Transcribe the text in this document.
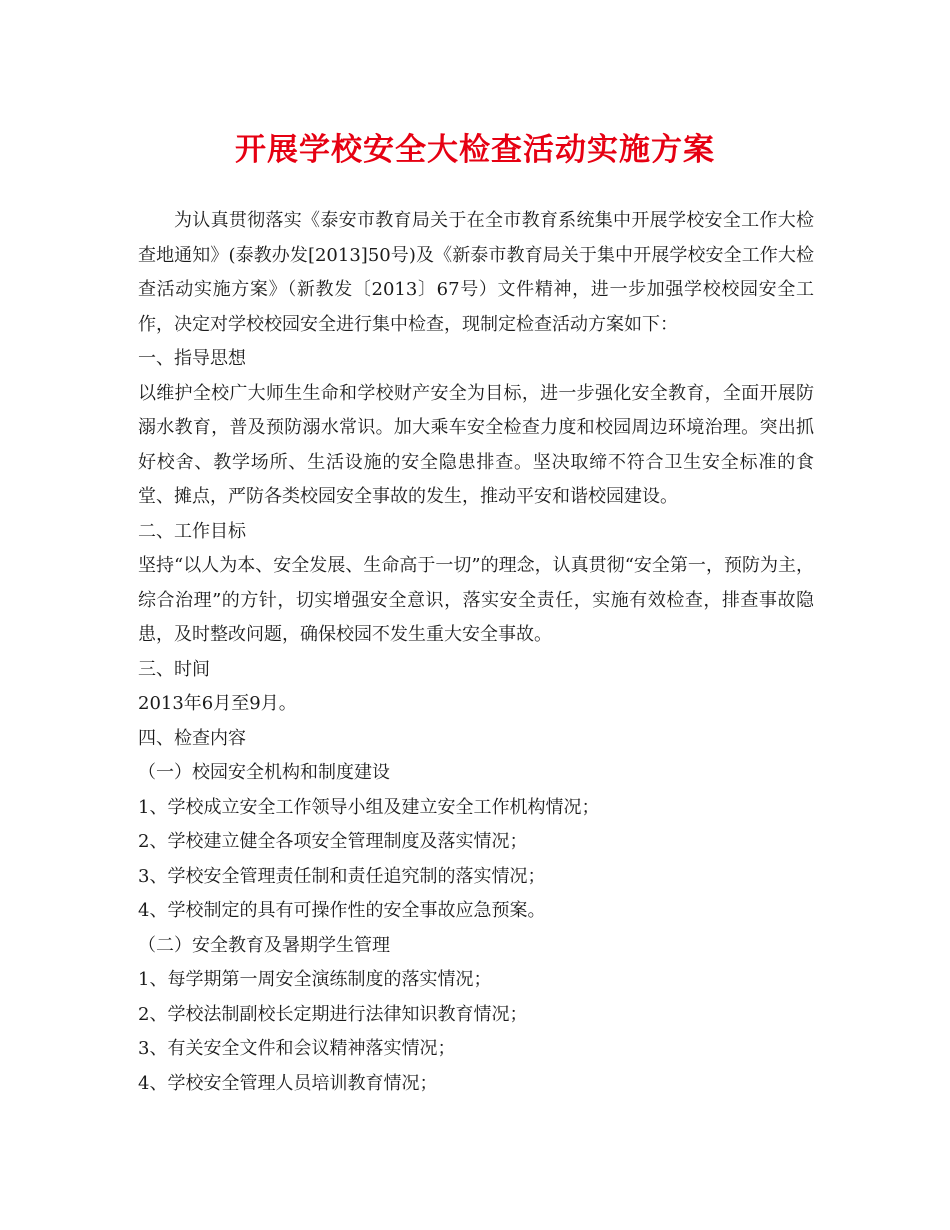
开展学校安全大检查活动实施方案

为认真贯彻落实《泰安市教育局关于在全市教育系统集中开展学校安全工作大检查地通知》(泰教办发[2013]50号)及《新泰市教育局关于集中开展学校安全工作大检查活动实施方案》（新教发〔2013〕67号）文件精神，进一步加强学校校园安全工作，决定对学校校园安全进行集中检查，现制定检查活动方案如下：

一、指导思想

以维护全校广大师生生命和学校财产安全为目标，进一步强化安全教育，全面开展防溺水教育，普及预防溺水常识。加大乘车安全检查力度和校园周边环境治理。突出抓好校舍、教学场所、生活设施的安全隐患排查。坚决取缔不符合卫生安全标准的食堂、摊点，严防各类校园安全事故的发生，推动平安和谐校园建设。

二、工作目标

坚持“以人为本、安全发展、生命高于一切”的理念，认真贯彻“安全第一，预防为主，综合治理”的方针，切实增强安全意识，落实安全责任，实施有效检查，排查事故隐患，及时整改问题，确保校园不发生重大安全事故。

三、时间

2013年6月至9月。

四、检查内容

（一）校园安全机构和制度建设

1、学校成立安全工作领导小组及建立安全工作机构情况；

2、学校建立健全各项安全管理制度及落实情况；

3、学校安全管理责任制和责任追究制的落实情况；

4、学校制定的具有可操作性的安全事故应急预案。

（二）安全教育及暑期学生管理

1、每学期第一周安全演练制度的落实情况；

2、学校法制副校长定期进行法律知识教育情况；

3、有关安全文件和会议精神落实情况；

4、学校安全管理人员培训教育情况；
